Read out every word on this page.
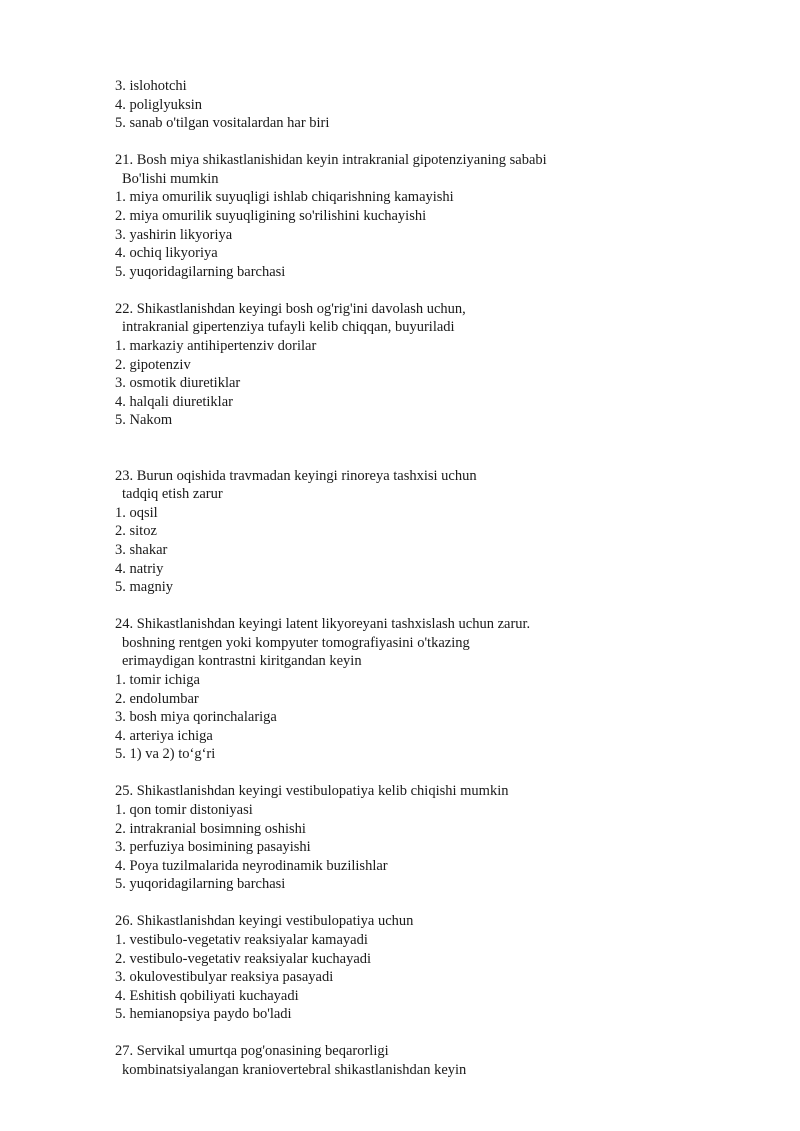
3. islohotchi
4. poliglyuksin
5. sanab o'tilgan vositalardan har biri
21. Bosh miya shikastlanishidan keyin intrakranial gipotenziyaning sababi
Bo'lishi mumkin
1. miya omurilik suyuqligi ishlab chiqarishning kamayishi
2. miya omurilik suyuqligining so'rilishini kuchayishi
3. yashirin likyoriya
4. ochiq likyoriya
5. yuqoridagilarning barchasi
22. Shikastlanishdan keyingi bosh og'rig'ini davolash uchun,
intrakranial gipertenziya tufayli kelib chiqqan, buyuriladi
1. markaziy antihipertenziv dorilar
2. gipotenziv
3. osmotik diuretiklar
4. halqali diuretiklar
5. Nakom
23. Burun oqishida travmadan keyingi rinoreya tashxisi uchun
tadqiq etish zarur
1. oqsil
2. sitoz
3. shakar
4. natriy
5. magniy
24. Shikastlanishdan keyingi latent likyoreyani tashxislash uchun zarur.
boshning rentgen yoki kompyuter tomografiyasini o'tkazing
erimaydigan kontrastni kiritgandan keyin
1. tomir ichiga
2. endolumbar
3. bosh miya qorinchalariga
4. arteriya ichiga
5. 1) va 2) to‘g‘ri
25. Shikastlanishdan keyingi vestibulopatiya kelib chiqishi mumkin
1. qon tomir distoniyasi
2. intrakranial bosimning oshishi
3. perfuziya bosimining pasayishi
4. Poya tuzilmalarida neyrodinamik buzilishlar
5. yuqoridagilarning barchasi
26. Shikastlanishdan keyingi vestibulopatiya uchun
1. vestibulo-vegetativ reaksiyalar kamayadi
2. vestibulo-vegetativ reaksiyalar kuchayadi
3. okulovestibulyar reaksiya pasayadi
4. Eshitish qobiliyati kuchayadi
5. hemianopsiya paydo bo'ladi
27. Servikal umurtqa pog'onasining beqarorligi
kombinatsiyalangan kraniovertebral shikastlanishdan keyin
